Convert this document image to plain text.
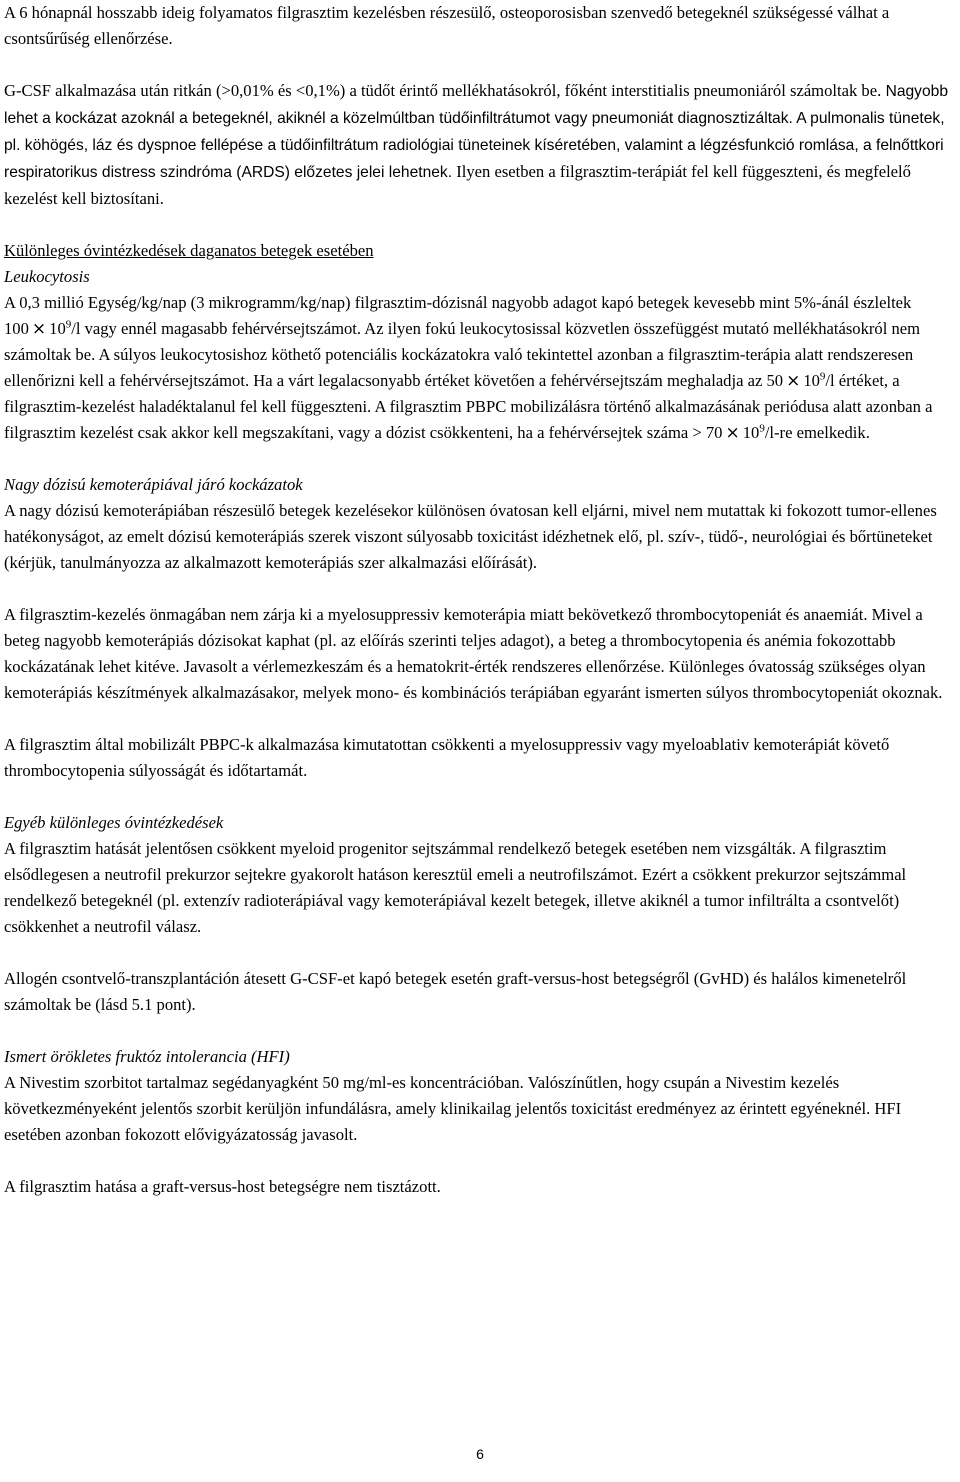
A 6 hónapnál hosszabb ideig folyamatos filgrasztim kezelésben részesülő, osteoporosisban szenvedő betegeknél szükségessé válhat a csontsűrűség ellenőrzése.

G-CSF alkalmazása után ritkán (>0,01% és <0,1%) a tüdőt érintő mellékhatásokról, főként interstitialis pneumoniáról számoltak be. Nagyobb lehet a kockázat azoknál a betegeknél, akiknél a közelmúltban tüdőinfiltrátumot vagy pneumoniát diagnosztizáltak. A pulmonalis tünetek, pl. köhögés, láz és dyspnoe fellépése a tüdőinfiltrátum radiológiai tüneteinek kíséretében, valamint a légzésfunkció romlása, a felnőttkori respiratorikus distress szindróma (ARDS) előzetes jelei lehetnek. Ilyen esetben a filgrasztim-terápiát fel kell függeszteni, és megfelelő kezelést kell biztosítani.

Különleges óvintézkedések daganatos betegek esetében
Leukocytosis
A 0,3 millió Egység/kg/nap (3 mikrogramm/kg/nap) filgrasztim-dózisnál nagyobb adagot kapó betegek kevesebb mint 5%-ánál észleltek $100 \times 10^9/l$ vagy ennél magasabb fehérvérsejtszámot. Az ilyen fokú leukocytosissal közvetlen összefüggést mutató mellékhatásokról nem számoltak be. A súlyos leukocytosishoz köthető potenciális kockázatokra való tekintettel azonban a filgrasztim-terápia alatt rendszeresen ellenőrizni kell a fehérvérsejtszámot. Ha a várt legalacsonyabb értéket követően a fehérvérsejtszám meghaladja az $50 \times 10^9/l$ értéket, a filgrasztim-kezelést haladéktalanul fel kell függeszteni. A filgrasztim PBPC mobilizálásra történő alkalmazásának periódusa alatt azonban a filgrasztim kezelést csak akkor kell megszakítani, vagy a dózist csökkenteni, ha a fehérvérsejtek száma > $70 \times 10^9/l-re$ emelkedik.
Nagy dózisú kemoterápiával járó kockázatok
A nagy dózisú kemoterápiában részesülő betegek kezelésekor különösen óvatosan kell eljárni, mivel nem mutattak ki fokozott tumor-ellenes hatékonyságot, az emelt dózisú kemoterápiás szerek viszont súlyosabb toxicitást idézhetnek elő, pl. szív-, tüdő-, neurológiai és bőrtüneteket (kérjük, tanulmányozza az alkalmazott kemoterápiás szer alkalmazási előírását).

A filgrasztim-kezelés önmagában nem zárja ki a myelosuppressiv kemoterápia miatt bekövetkező thrombocytopeniát és anaemiát. Mivel a beteg nagyobb kemoterápiás dózisokat kaphat (pl. az előírás szerinti teljes adagot), a beteg a thrombocytopenia és anémia fokozottabb kockázatának lehet kitéve. Javasolt a vérlemezkeszám és a hematokrit-érték rendszeres ellenőrzése. Különleges óvatosság szükséges olyan kemoterápiás készítmények alkalmazásakor, melyek mono- és kombinációs terápiában egyaránt ismerten súlyos thrombocytopeniát okoznak.

A filgrasztim által mobilizált PBPC-k alkalmazása kimutatottan csökkenti a myelosuppressiv vagy myeloablativ kemoterápiát követő thrombocytopenia súlyosságát és időtartamát.

Egyéb különleges óvintézkedések
A filgrasztim hatását jelentősen csökkent myeloid progenitor sejtszámmal rendelkező betegek esetében nem vizsgálták. A filgrasztim elsődlegesen a neutrofil prekurzor sejtekre gyakorolt hatáson keresztül emeli a neutrofilszámot. Ezért a csökkent prekurzor sejtszámmal rendelkező betegeknél (pl. extenzív radioterápiával vagy kemoterápiával kezelt betegek, illetve akiknél a tumor infiltrálta a csontvelőt) csökkenhet a neutrofil válasz.

Allogén csontvelő-transzplantáción átesett G-CSF-et kapó betegek esetén graft-versus-host betegségről (GvHD) és halálos kimenetelről számoltak be (lásd 5.1 pont).

Ismert örökletes fruktóz intolerancia (HFI)
A Nivestim szorbitot tartalmaz segédanyagként 50 mg/ml-es koncentrációban. Valószínűtlen, hogy csupán a Nivestim kezelés következményeként jelentős szorbit kerüljön infundálásra, amely klinikailag jelentős toxicitást eredményez az érintett egyéneknél. HFI esetében azonban fokozott elővigyázatosság javasolt.

A filgrasztim hatása a graft-versus-host betegségre nem tisztázott.

6
